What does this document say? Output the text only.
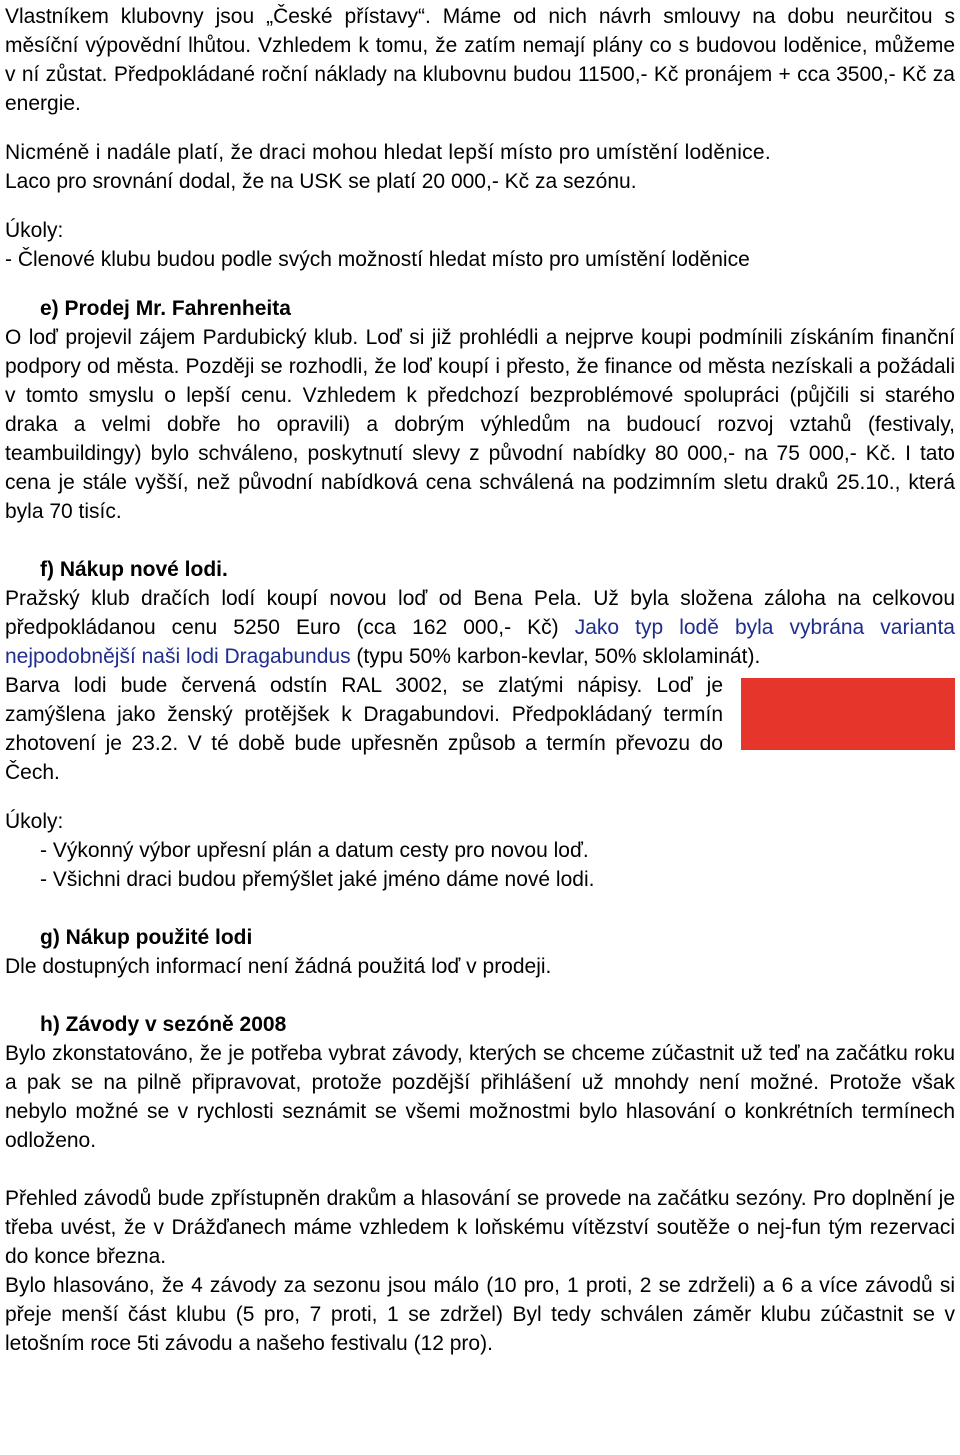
Vlastníkem klubovny jsou „České přístavy“. Máme od nich návrh smlouvy na dobu neurčitou s měsíční výpovědní lhůtou. Vzhledem k tomu, že zatím nemají plány co s budovou loděnice, můžeme v ní zůstat. Předpokládané roční náklady na klubovnu budou 11500,- Kč pronájem + cca 3500,- Kč za energie.

Nicméně i nadále platí, že draci mohou hledat lepší místo pro umístění loděnice.

Laco pro srovnání dodal, že na USK se platí 20 000,- Kč za sezónu.

Úkoly:

- Členové klubu budou podle svých možností hledat místo pro umístění loděnice

e) Prodej Mr. Fahrenheita

O loď projevil zájem Pardubický klub. Loď si již prohlédli a nejprve koupi podmínili získáním finanční podpory od města. Později se rozhodli, že loď koupí i přesto, že finance od města nezískali a požádali v tomto smyslu o lepší cenu. Vzhledem k předchozí bezproblémové spolupráci (půjčili si starého draka a velmi dobře ho opravili) a dobrým výhledům na budoucí rozvoj vztahů (festivaly, teambuildingy) bylo schváleno, poskytnutí slevy z původní nabídky 80 000,- na 75 000,- Kč. I tato cena je stále vyšší, než původní nabídková cena schválená na podzimním sletu draků 25.10., která byla 70 tisíc.

f) Nákup nové lodi.

Pražský klub dračích lodí koupí novou loď od Bena Pela. Už byla složena záloha na celkovou předpokládanou cenu 5250 Euro (cca 162 000,- Kč) Jako typ lodě byla vybrána varianta nejpodobnější naši lodi Dragabundus (typu 50% karbon-kevlar, 50% sklolaminát).

Barva lodi bude červená odstín RAL 3002, se zlatými nápisy. Loď je zamýšlena jako ženský protějšek k Dragabundovi. Předpokládaný termín zhotovení je 23.2. V té době bude upřesněn způsob a termín převozu do Čech.

Úkoly:

- Výkonný výbor upřesní plán a datum cesty pro novou loď.

- Všichni draci budou přemýšlet jaké jméno dáme nové lodi.

g) Nákup použité lodi

Dle dostupných informací není žádná použitá loď v prodeji.

h) Závody v sezóně 2008

Bylo zkonstatováno, že je potřeba vybrat závody, kterých se chceme zúčastnit už teď na začátku roku a pak se na pilně připravovat, protože pozdější přihlášení už mnohdy není možné. Protože však nebylo možné se v rychlosti seznámit se všemi možnostmi bylo hlasování o konkrétních termínech odloženo.

Přehled závodů bude zpřístupněn drakům a hlasování se provede na začátku sezóny. Pro doplnění je třeba uvést, že v Drážďanech máme vzhledem k loňskému vítězství soutěže o nej-fun tým rezervaci do konce března.

Bylo hlasováno, že 4 závody za sezonu jsou málo (10 pro, 1 proti, 2 se zdrželi) a 6 a více závodů si přeje menší část klubu (5 pro, 7 proti, 1 se zdržel) Byl tedy schválen záměr klubu zúčastnit se v letošním roce 5ti závodu a našeho festivalu (12 pro).
